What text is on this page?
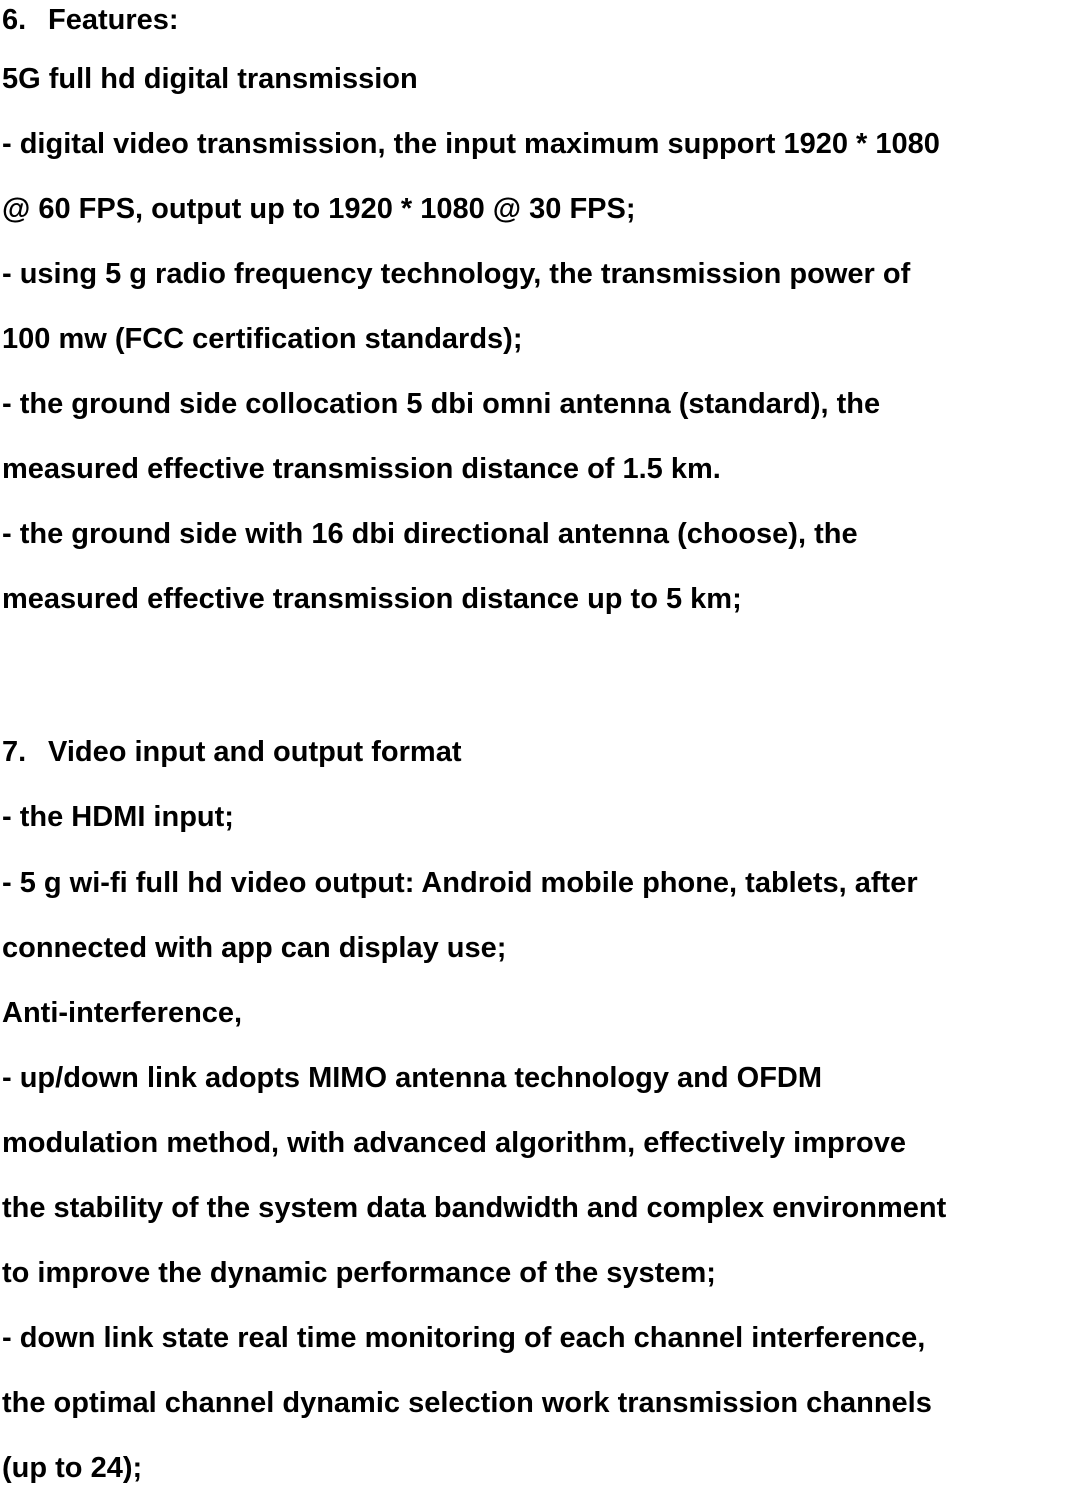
6. Features:
5G full hd digital transmission
- digital video transmission, the input maximum support 1920 * 1080
@ 60 FPS, output up to 1920 * 1080 @ 30 FPS;
- using 5 g radio frequency technology, the transmission power of
100 mw (FCC certification standards);
- the ground side collocation 5 dbi omni antenna (standard), the
measured effective transmission distance of 1.5 km.
- the ground side with 16 dbi directional antenna (choose), the
measured effective transmission distance up to 5 km;
7. Video input and output format
- the HDMI input;
- 5 g wi-fi full hd video output: Android mobile phone, tablets, after
connected with app can display use;
Anti-interference,
- up/down link adopts MIMO antenna technology and OFDM
modulation method, with advanced algorithm, effectively improve
the stability of the system data bandwidth and complex environment
to improve the dynamic performance of the system;
- down link state real time monitoring of each channel interference,
the optimal channel dynamic selection work transmission channels
(up to 24);
